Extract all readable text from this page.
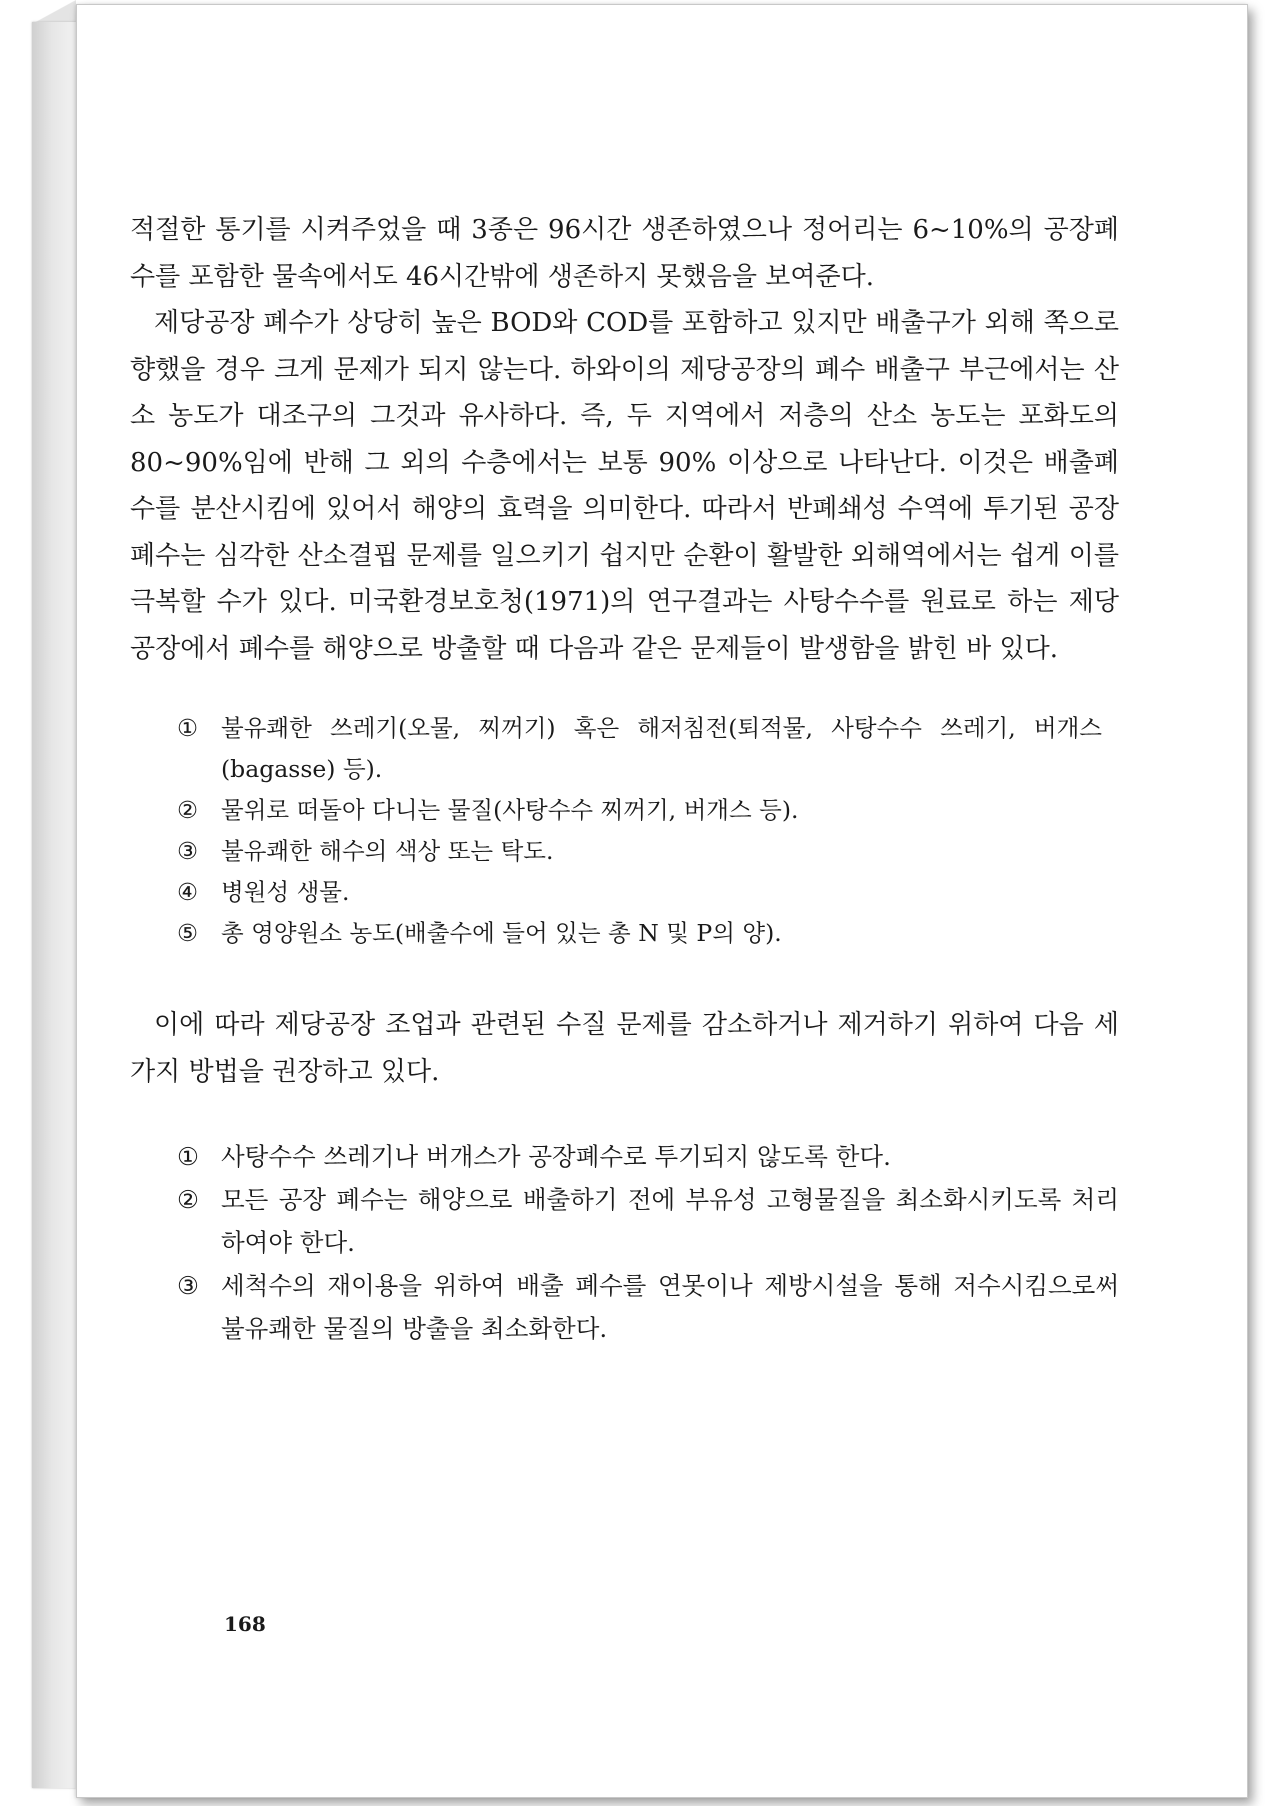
적절한 통기를 시켜주었을 때 3종은 96시간 생존하였으나 정어리는 6~10%의 공장폐수를 포함한 물속에서도 46시간밖에 생존하지 못했음을 보여준다.

제당공장 폐수가 상당히 높은 BOD와 COD를 포함하고 있지만 배출구가 외해 쪽으로 향했을 경우 크게 문제가 되지 않는다. 하와이의 제당공장의 폐수 배출구 부근에서는 산소 농도가 대조구의 그것과 유사하다. 즉, 두 지역에서 저층의 산소 농도는 포화도의 80~90%임에 반해 그 외의 수층에서는 보통 90% 이상으로 나타난다. 이것은 배출폐수를 분산시킴에 있어서 해양의 효력을 의미한다. 따라서 반폐쇄성 수역에 투기된 공장폐수는 심각한 산소결핍 문제를 일으키기 쉽지만 순환이 활발한 외해역에서는 쉽게 이를 극복할 수가 있다. 미국환경보호청(1971)의 연구결과는 사탕수수를 원료로 하는 제당공장에서 폐수를 해양으로 방출할 때 다음과 같은 문제들이 발생함을 밝힌 바 있다.

① 불유쾌한 쓰레기(오물, 찌꺼기) 혹은 해저침전(퇴적물, 사탕수수 쓰레기, 버개스(bagasse) 등).
② 물위로 떠돌아 다니는 물질(사탕수수 찌꺼기, 버개스 등).
③ 불유쾌한 해수의 색상 또는 탁도.
④ 병원성 생물.
⑤ 총 영양원소 농도(배출수에 들어 있는 총 N 및 P의 양).

이에 따라 제당공장 조업과 관련된 수질 문제를 감소하거나 제거하기 위하여 다음 세 가지 방법을 권장하고 있다.

① 사탕수수 쓰레기나 버개스가 공장폐수로 투기되지 않도록 한다.
② 모든 공장 폐수는 해양으로 배출하기 전에 부유성 고형물질을 최소화시키도록 처리하여야 한다.
③ 세척수의 재이용을 위하여 배출 폐수를 연못이나 제방시설을 통해 저수시킴으로써 불유쾌한 물질의 방출을 최소화한다.
168
